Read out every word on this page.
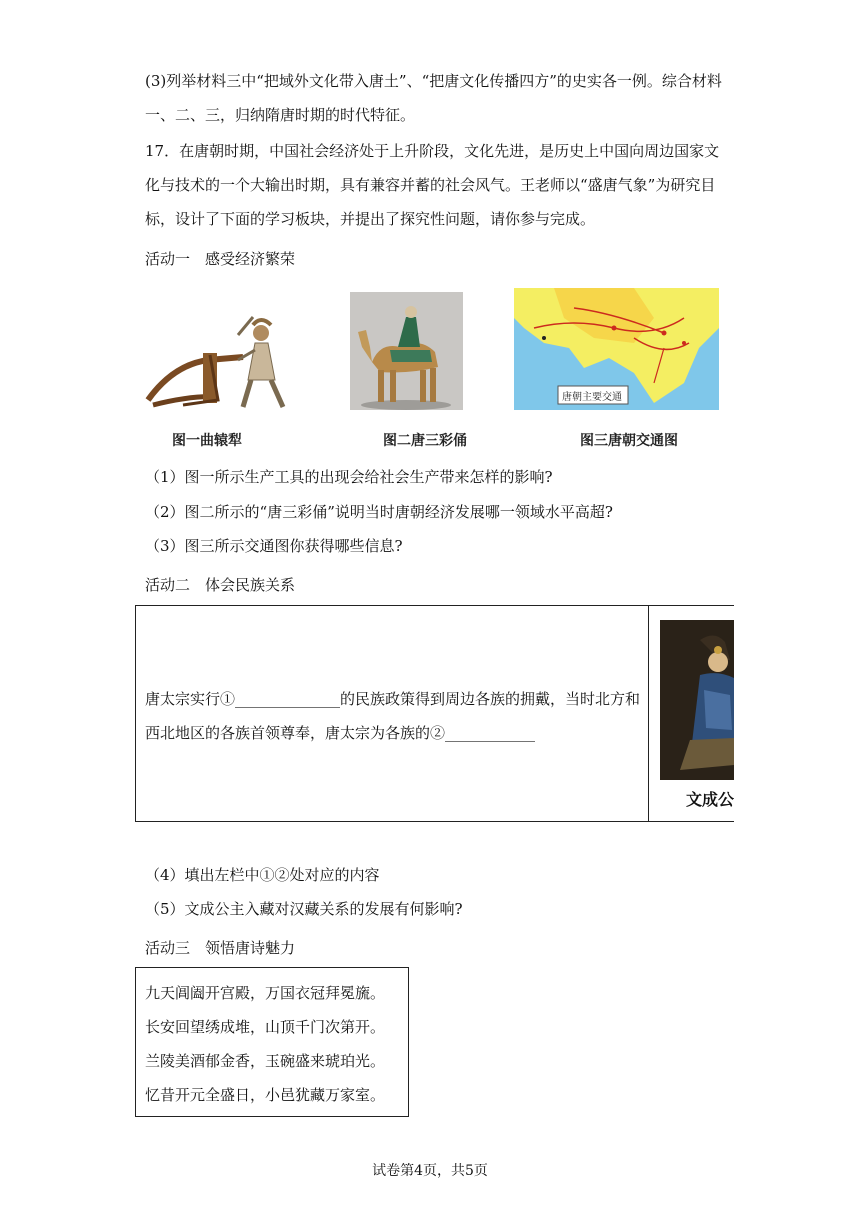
(3)列举材料三中“把域外文化带入唐土”、“把唐文化传播四方”的史实各一例。综合材料
一、二、三，归纳隋唐时期的时代特征。
17．在唐朝时期，中国社会经济处于上升阶段，文化先进，是历史上中国向周边国家文
化与技术的一个大输出时期，具有兼容并蓄的社会风气。王老师以“盛唐气象”为研究目
标，设计了下面的学习板块，并提出了探究性问题，请你参与完成。
活动一　感受经济繁荣
图一曲辕犁	图二唐三彩俑
唐朝主要交通
图三唐朝交通图
（1）图一所示生产工具的出现会给社会生产带来怎样的影响?
（2）图二所示的“唐三彩俑”说明当时唐朝经济发展哪一领域水平高超?
（3）图三所示交通图你获得哪些信息?
活动二　体会民族关系
唐太宗实行①______________的民族政策得到周边各族的拥戴，当时北方和
西北地区的各族首领尊奉，唐太宗为各族的②____________
文成公
（4）填出左栏中①②处对应的内容
（5）文成公主入藏对汉藏关系的发展有何影响?
活动三　领悟唐诗魅力
九天阊阖开宫殿，万国衣冠拜冕旒。
长安回望绣成堆，山顶千门次第开。
兰陵美酒郁金香，玉碗盛来琥珀光。
忆昔开元全盛日，小邑犹藏万家室。
试卷第4页，共5页
